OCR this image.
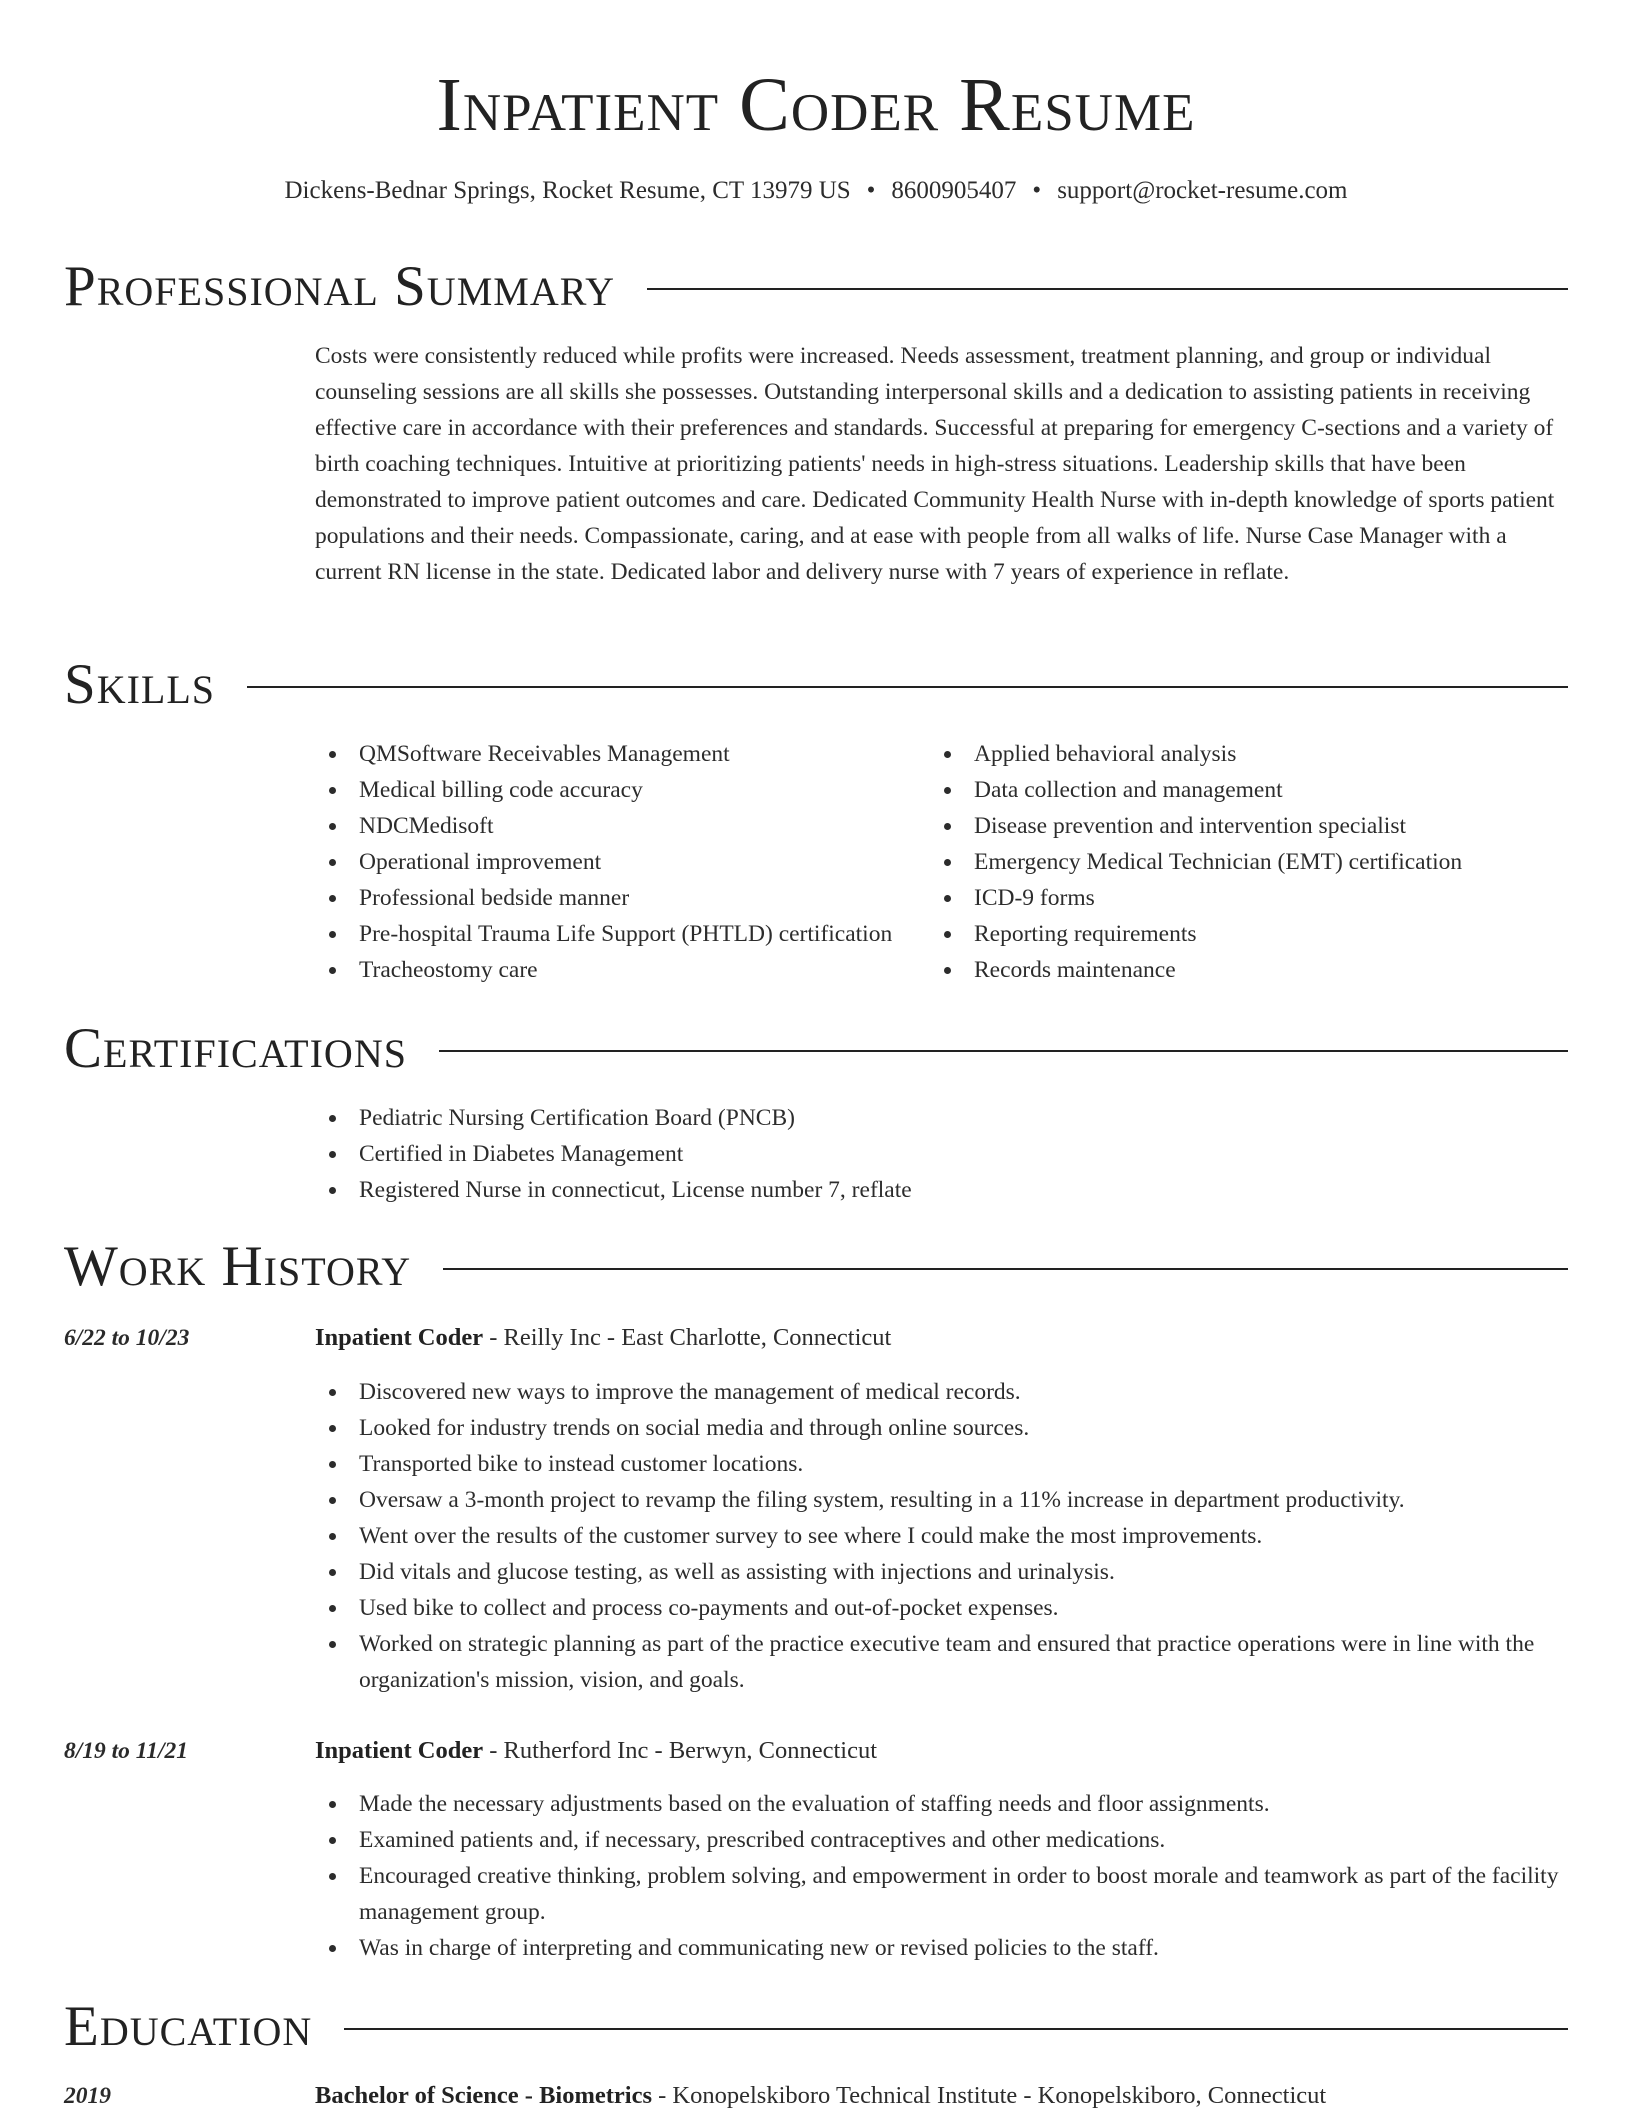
Inpatient Coder Resume
Dickens-Bednar Springs, Rocket Resume, CT 13979 US • 8600905407 • support@rocket-resume.com
Professional Summary

Costs were consistently reduced while profits were increased. Needs assessment, treatment planning, and group or individual counseling sessions are all skills she possesses. Outstanding interpersonal skills and a dedication to assisting patients in receiving effective care in accordance with their preferences and standards. Successful at preparing for emergency C-sections and a variety of birth coaching techniques. Intuitive at prioritizing patients' needs in high-stress situations. Leadership skills that have been demonstrated to improve patient outcomes and care. Dedicated Community Health Nurse with in-depth knowledge of sports patient populations and their needs. Compassionate, caring, and at ease with people from all walks of life. Nurse Case Manager with a current RN license in the state. Dedicated labor and delivery nurse with 7 years of experience in reflate.

Skills
QMSoftware Receivables Management
Medical billing code accuracy
NDCMedisoft
Operational improvement
Professional bedside manner
Pre-hospital Trauma Life Support (PHTLD) certification
Tracheostomy care
Applied behavioral analysis
Data collection and management
Disease prevention and intervention specialist
Emergency Medical Technician (EMT) certification
ICD-9 forms
Reporting requirements
Records maintenance
Certifications
Pediatric Nursing Certification Board (PNCB)
Certified in Diabetes Management
Registered Nurse in connecticut, License number 7, reflate
Work History
6/22 to 10/23	Inpatient Coder - Reilly Inc - East Charlotte, Connecticut
Discovered new ways to improve the management of medical records.
Looked for industry trends on social media and through online sources.
Transported bike to instead customer locations.
Oversaw a 3-month project to revamp the filing system, resulting in a 11% increase in department productivity.
Went over the results of the customer survey to see where I could make the most improvements.
Did vitals and glucose testing, as well as assisting with injections and urinalysis.
Used bike to collect and process co-payments and out-of-pocket expenses.
Worked on strategic planning as part of the practice executive team and ensured that practice operations were in line with the organization's mission, vision, and goals.
8/19 to 11/21	Inpatient Coder - Rutherford Inc - Berwyn, Connecticut
Made the necessary adjustments based on the evaluation of staffing needs and floor assignments.
Examined patients and, if necessary, prescribed contraceptives and other medications.
Encouraged creative thinking, problem solving, and empowerment in order to boost morale and teamwork as part of the facility management group.
Was in charge of interpreting and communicating new or revised policies to the staff.
Education
2019	Bachelor of Science - Biometrics - Konopelskiboro Technical Institute - Konopelskiboro, Connecticut
